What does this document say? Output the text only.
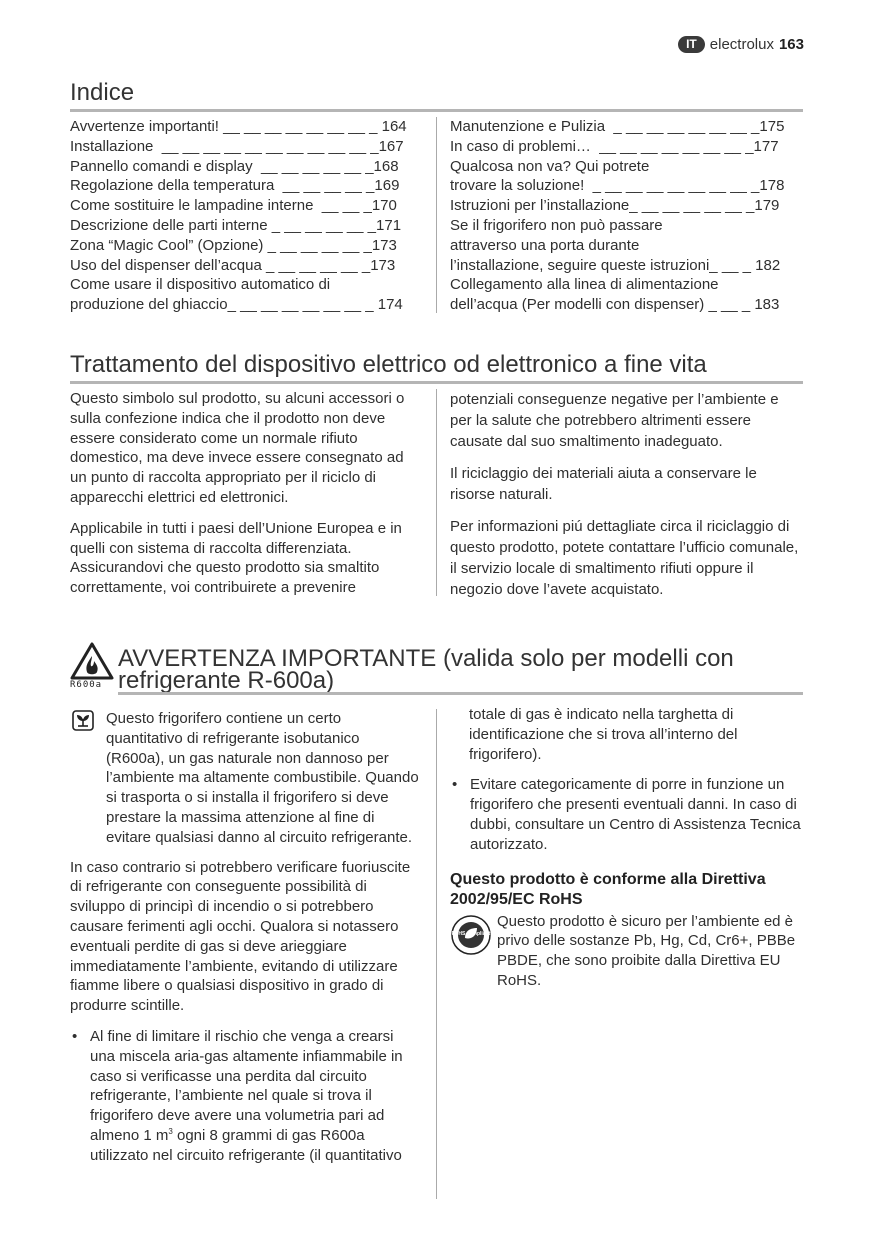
IT electrolux 163
Indice
Avvertenze importanti! __ __ __ __ __ __ __ _ 164
Installazione  __ __ __ __ __ __ __ __ __ __ _167
Pannello comandi e display  __ __ __ __ __ _168
Regolazione della temperatura  __ __ __ __ _169
Come sostituire le lampadine interne  __ __ _170
Descrizione delle parti interne _ __ __ __ __ _171
Zona “Magic Cool” (Opzione) _ __ __ __ __ _173
Uso del dispenser dell’acqua _ __ __ __ __ _173
Come usare il dispositivo automatico di
produzione del ghiaccio_ __ __ __ __ __ __ _ 174
Manutenzione e Pulizia  _ __ __ __ __ __ __ _175
In caso di problemi…  __ __ __ __ __ __ __ _177
Qualcosa non va? Qui potrete
trovare la soluzione!  _ __ __ __ __ __ __ __ _178
Istruzioni per l’installazione_ __ __ __ __ __ _179
Se il frigorifero non può passare
attraverso una porta durante
l’installazione, seguire queste istruzioni_ __ _ 182
Collegamento alla linea di alimentazione
dell’acqua (Per modelli con dispenser) _ __ _ 183
Trattamento del dispositivo elettrico od elettronico a fine vita

Questo simbolo sul prodotto, su alcuni accessori o sulla confezione indica che il prodotto non deve essere considerato come un normale rifiuto domestico, ma deve invece essere consegnato ad un punto di raccolta appropriato per il riciclo di apparecchi elettrici ed elettronici.

Applicabile in tutti i paesi dell’Unione Europea e in quelli con sistema di raccolta differenziata. Assicurandovi che questo prodotto sia smaltito correttamente, voi contribuirete a prevenire

potenziali conseguenze negative per l’ambiente e per la salute che potrebbero altrimenti essere causate dal suo smaltimento inadeguato.

Il riciclaggio dei materiali aiuta a conservare le risorse naturali.

Per informazioni piú dettagliate circa il riciclaggio di questo prodotto, potete contattare l’ufficio comunale, il servizio locale di smaltimento rifiuti oppure il negozio dove l’avete acquistato.

R600a
AVVERTENZA IMPORTANTE (valida solo per modelli con
refrigerante R-600a)

Questo frigorifero contiene un certo quantitativo di refrigerante isobutanico (R600a), un gas naturale non dannoso per l’ambiente ma altamente combustibile. Quando si trasporta o si installa il frigorifero si deve prestare la massima attenzione al fine di evitare qualsiasi danno al circuito refrigerante.

In caso contrario si potrebbero verificare fuoriuscite di refrigerante con conseguente possibilità di sviluppo di principì di incendio o si potrebbero causare ferimenti agli occhi. Qualora si notassero eventuali perdite di gas si deve arieggiare immediatamente l’ambiente, evitando di utilizzare fiamme libere o qualsiasi dispositivo in grado di produrre scintille.

• Al fine di limitare il rischio che venga a crearsi una miscela aria-gas altamente infiammabile in caso si verificasse una perdita dal circuito refrigerante, l’ambiente nel quale si trova il frigorifero deve avere una volumetria pari ad almeno 1 $m^3$ ogni 8 grammi di gas R600a utilizzato nel circuito refrigerante (il quantitativo

totale di gas è indicato nella targhetta di identificazione che si trova all’interno del frigorifero).

• Evitare categoricamente di porre in funzione un frigorifero che presenti eventuali danni. In caso di dubbi, consultare un Centro di Assistenza Tecnica autorizzato.

Questo prodotto è conforme alla Direttiva 2002/95/EC RoHS

RoHS compliant

Questo prodotto è sicuro per l’ambiente ed è privo delle sostanze Pb, Hg, Cd, Cr6+, PBBe PBDE, che sono proibite dalla Direttiva EU RoHS.
